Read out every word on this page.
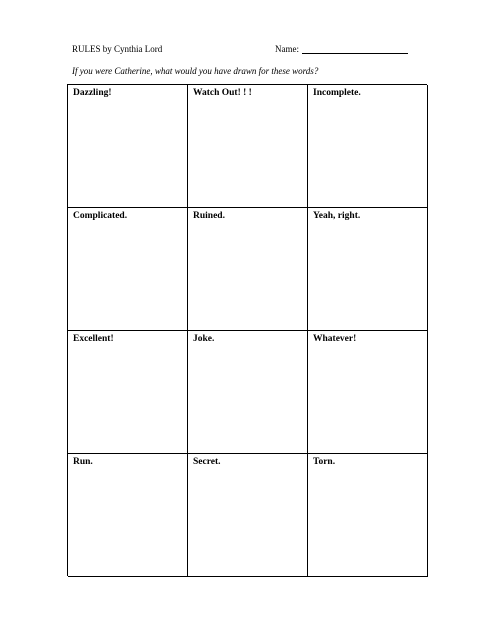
RULES by Cynthia Lord	Name:
If you were Catherine, what would you have drawn for these words?
Dazzling!	Watch Out! ! !	Incomplete.
Complicated.	Ruined.	Yeah, right.
Excellent!	Joke.	Whatever!
Run.	Secret.	Torn.
